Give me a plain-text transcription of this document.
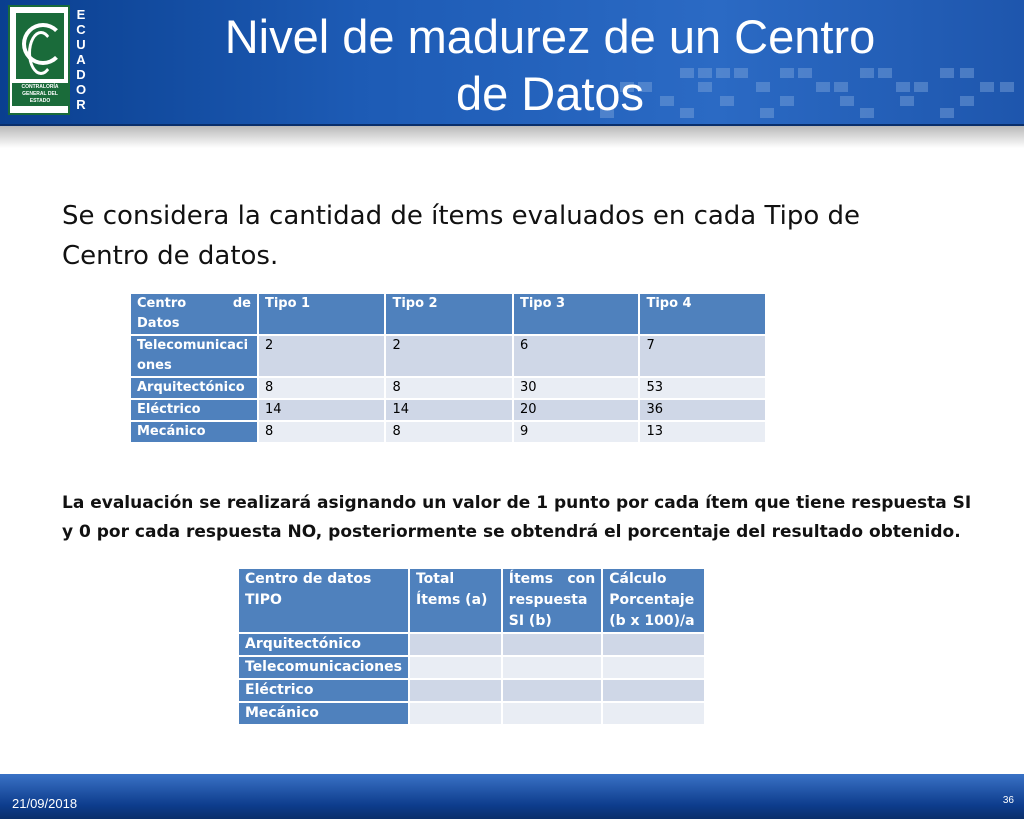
CONTRALORÍA GENERAL DEL ESTADO
E
C
U
A
D
O
R
Nivel de madurez de un Centro
de Datos
Se considera la cantidad de ítems evaluados en cada Tipo de Centro de datos.
Centro de Datos	Tipo 1	Tipo 2	Tipo 3	Tipo 4
Telecomunicaciones	2	2	6	7
Arquitectónico	8	8	30	53
Eléctrico	14	14	20	36
Mecánico	8	8	9	13
La evaluación se realizará asignando un valor de 1 punto por cada ítem que tiene respuesta SI y 0 por cada respuesta NO, posteriormente se obtendrá el porcentaje del resultado obtenido.
Centro de datos TIPO	Total Ítems (a)	Ítems con respuesta SI (b)	Cálculo Porcentaje (b x 100)/a
Arquitectónico			
Telecomunicaciones			
Eléctrico			
Mecánico			
21/09/2018	36
